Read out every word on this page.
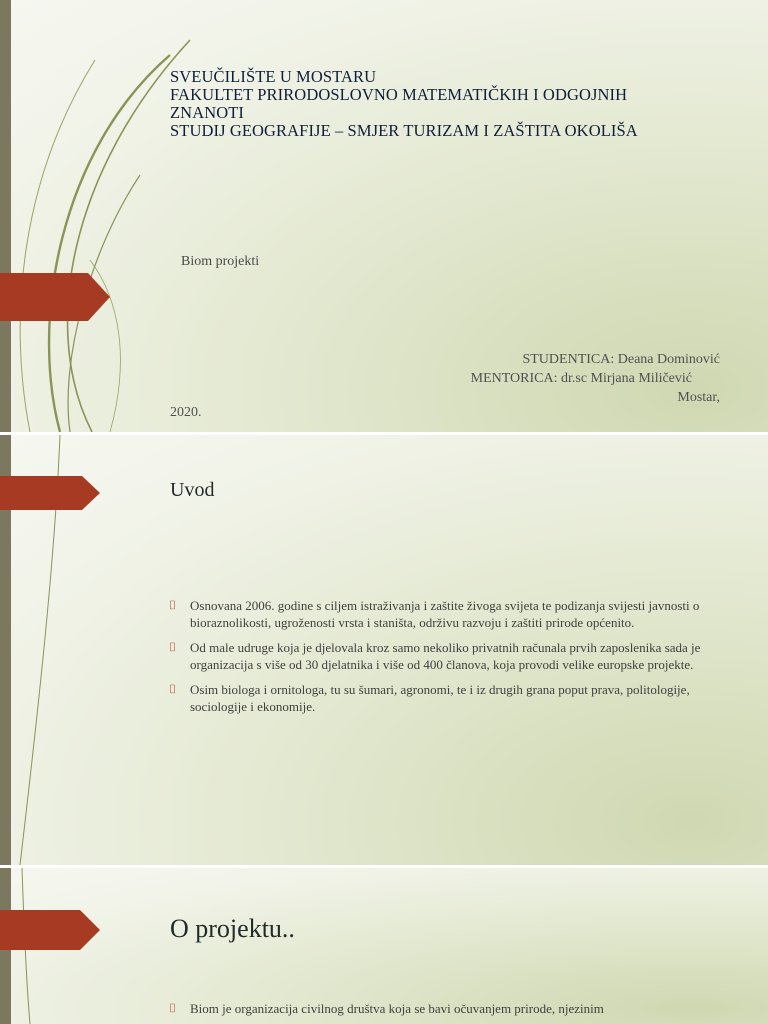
SVEUČILIŠTE U MOSTARU
FAKULTET PRIRODOSLOVNO MATEMATIČKIH I ODGOJNIH
ZNANOTI
STUDIJ GEOGRAFIJE – SMJER TURIZAM I ZAŠTITA OKOLIŠA
Biom projekti
STUDENTICA: Deana Dominović
MENTORICA: dr.sc Mirjana Miličević
Mostar,
2020.
Uvod
⌷ Osnovana 2006. godine s ciljem istraživanja i zaštite živoga svijeta te podizanja svijesti javnosti o bioraznolikosti, ugroženosti vrsta i staništa, održivu razvoju i zaštiti prirode općenito.
⌷ Od male udruge koja je djelovala kroz samo nekoliko privatnih računala prvih zaposlenika sada je organizacija s više od 30 djelatnika i više od 400 članova, koja provodi velike europske projekte.
⌷ Osim biologa i ornitologa, tu su šumari, agronomi, te i iz drugih grana poput prava, politologije, sociologije i ekonomije.
O projektu..
⌷ Biom je organizacija civilnog društva koja se bavi očuvanjem prirode, njezinim
